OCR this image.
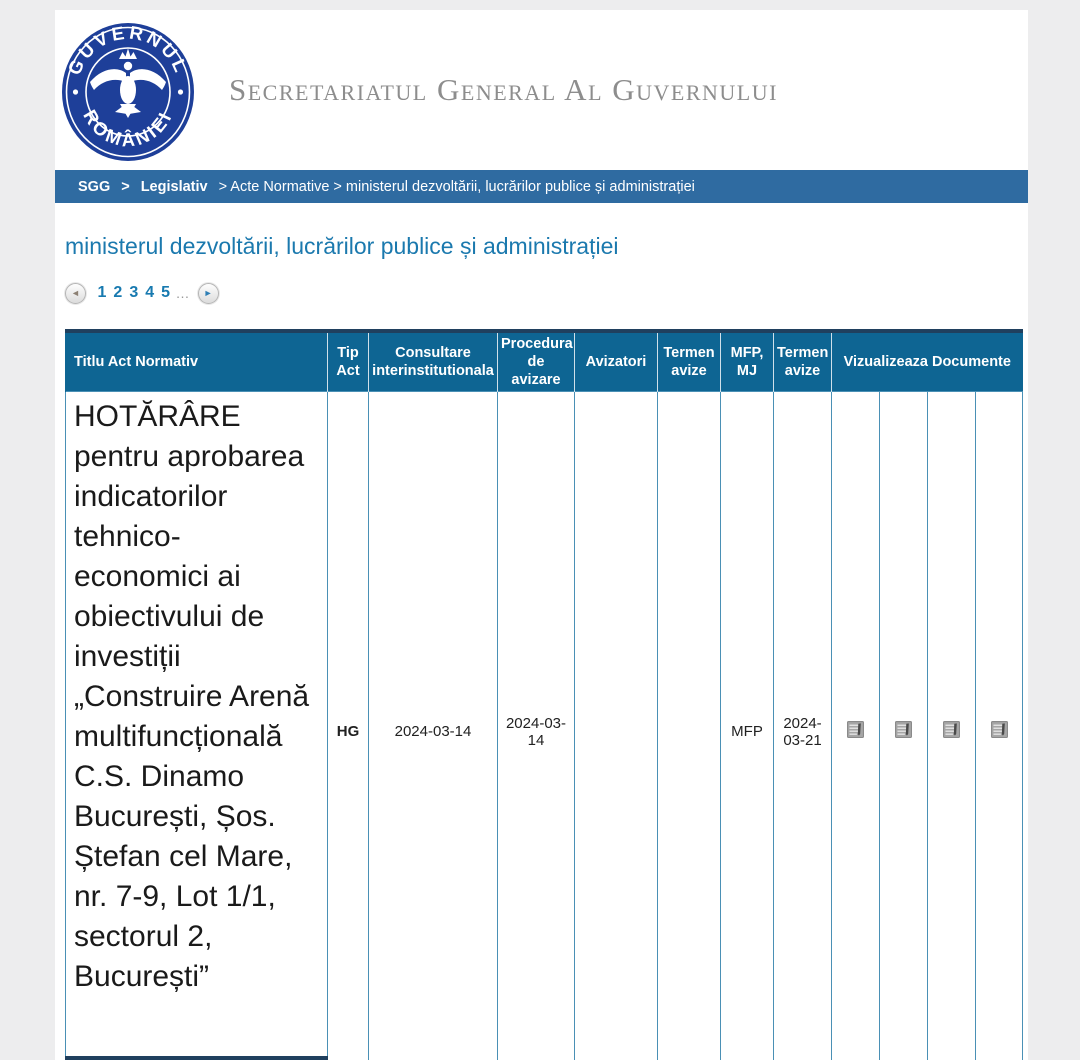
GUVERNUL
ROMÂNIEI
Secretariatul General Al Guvernului
SGG > Legislativ > Acte Normative > ministerul dezvoltării, lucrărilor publice și administrației
ministerul dezvoltării, lucrărilor publice și administrației
◄ 1 2 3 4 5 … ►
Titlu Act Normativ	Tip Act	Consultare interinstitutionala	Procedura de avizare	Avizatori	Termen avize	MFP, MJ	Termen avize	Vizualizeaza Documente			
HOTĂRÂRE pentru aprobarea indicatorilor tehnico-economici ai obiectivului de investiții „Construire Arenă multifuncțională C.S. Dinamo București, Șos. Ștefan cel Mare, nr. 7-9, Lot 1/1, sectorul 2, București”	HG	2024-03-14	2024-03-14			MFP	2024-03-21				
